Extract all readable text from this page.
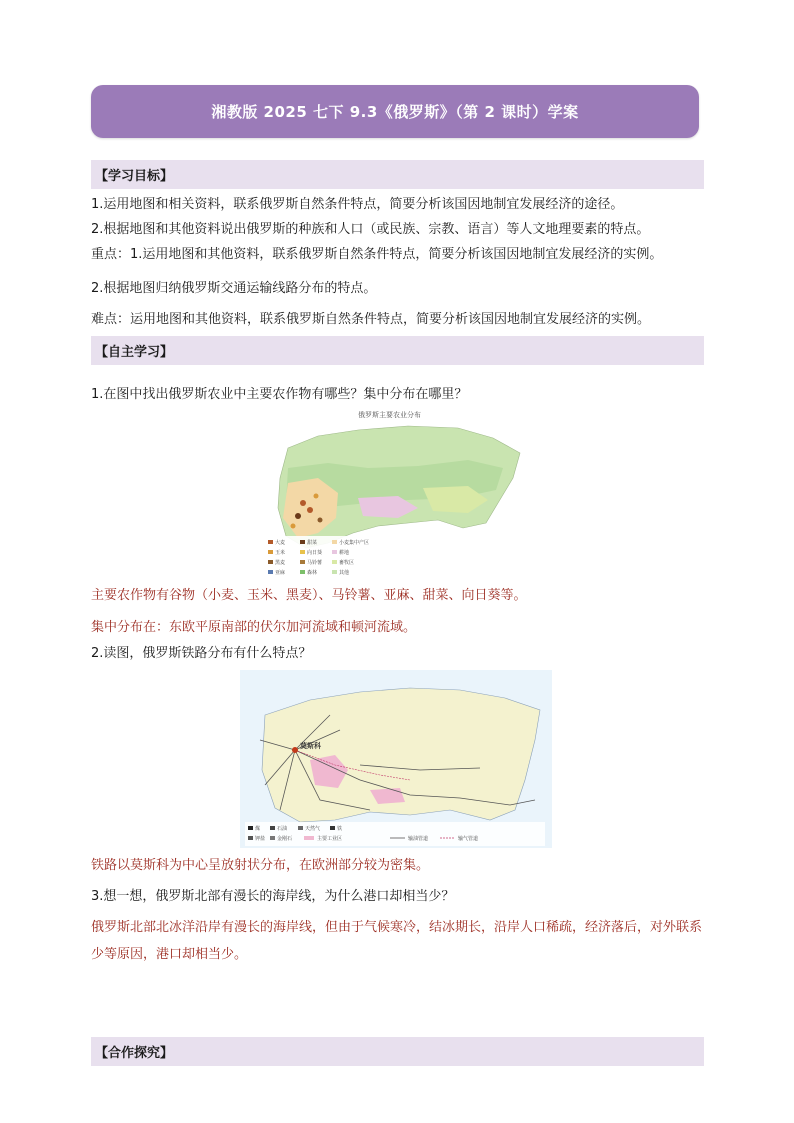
湘教版 2025 七下 9.3《俄罗斯》（第 2 课时）学案
【学习目标】
1.运用地图和相关资料，联系俄罗斯自然条件特点，简要分析该国因地制宜发展经济的途径。
2.根据地图和其他资料说出俄罗斯的种族和人口（或民族、宗教、语言）等人文地理要素的特点。
重点：1.运用地图和其他资料，联系俄罗斯自然条件特点，简要分析该国因地制宜发展经济的实例。
2.根据地图归纳俄罗斯交通运输线路分布的特点。
难点：运用地图和其他资料，联系俄罗斯自然条件特点，简要分析该国因地制宜发展经济的实例。
【自主学习】
1.在图中找出俄罗斯农业中主要农作物有哪些？集中分布在哪里？
俄罗斯主要农业分布
大麦	甜菜	小麦集中产区
玉米	向日葵	耕地
黑麦	马铃薯	畜牧区
亚麻	森林	其他
主要农作物有谷物（小麦、玉米、黑麦）、马铃薯、亚麻、甜菜、向日葵等。
集中分布在：东欧平原南部的伏尔加河流域和顿河流域。
2.读图，俄罗斯铁路分布有什么特点？
莫斯科
煤	石油	天然气	铁
钾盐 金刚石	主要工业区	输油管道	输气管道
铁路以莫斯科为中心呈放射状分布，在欧洲部分较为密集。
3.想一想，俄罗斯北部有漫长的海岸线，为什么港口却相当少？
俄罗斯北部北冰洋沿岸有漫长的海岸线，但由于气候寒冷，结冰期长，沿岸人口稀疏，经济落后，对外联系少等原因，港口却相当少。
【合作探究】
